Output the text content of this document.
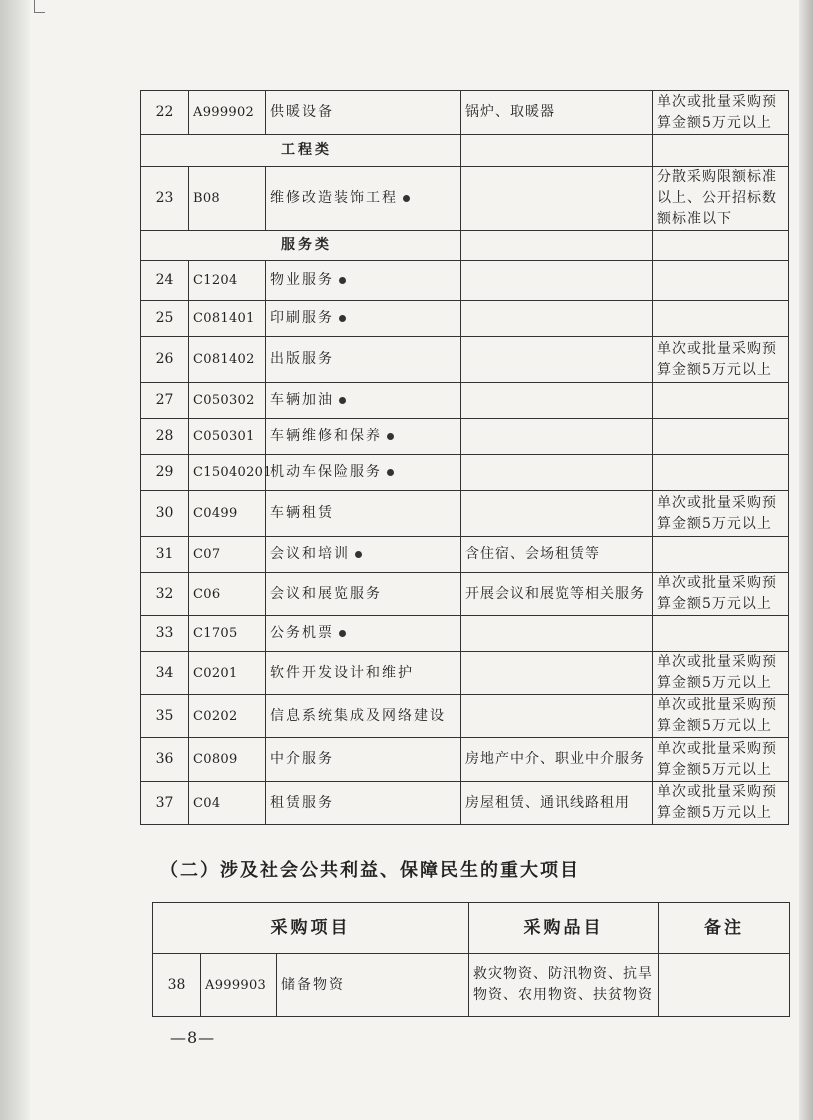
22	A999902	供暖设备	锅炉、取暖器	单次或批量采购预算金额5万元以上
工程类				
23	B08	维修改造装饰工程		分散采购限额标准以上、公开招标数额标准以下
服务类				
24	C1204	物业服务		
25	C081401	印刷服务		
26	C081402	出版服务		单次或批量采购预算金额5万元以上
27	C050302	车辆加油		
28	C050301	车辆维修和保养		
29	C15040201	机动车保险服务		
30	C0499	车辆租赁		单次或批量采购预算金额5万元以上
31	C07	会议和培训	含住宿、会场租赁等	
32	C06	会议和展览服务	开展会议和展览等相关服务	单次或批量采购预算金额5万元以上
33	C1705	公务机票		
34	C0201	软件开发设计和维护		单次或批量采购预算金额5万元以上
35	C0202	信息系统集成及网络建设		单次或批量采购预算金额5万元以上
36	C0809	中介服务	房地产中介、职业中介服务	单次或批量采购预算金额5万元以上
37	C04	租赁服务	房屋租赁、通讯线路租用	单次或批量采购预算金额5万元以上
（二）涉及社会公共利益、保障民生的重大项目
采购项目			采购品目	备注
38	A999903	储备物资	救灾物资、防汛物资、抗旱物资、农用物资、扶贫物资	
—8—
